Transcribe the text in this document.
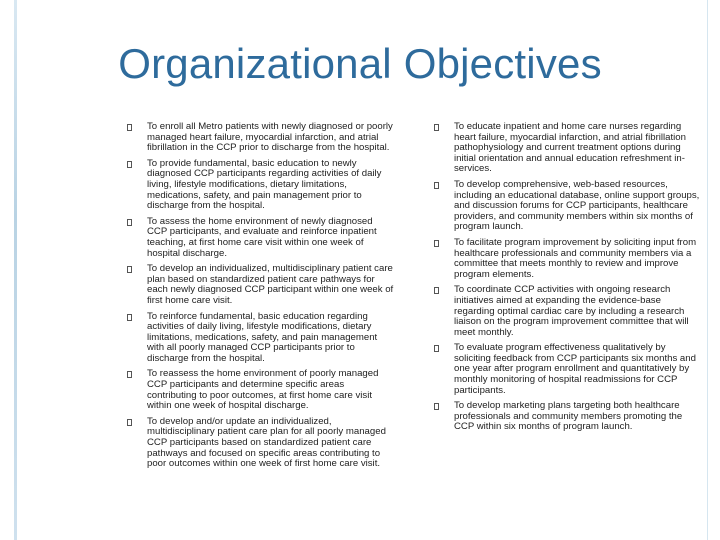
Organizational Objectives
To enroll all Metro patients with newly diagnosed or poorly managed heart failure, myocardial infarction, and atrial fibrillation in the CCP prior to discharge from the hospital.
To provide fundamental, basic education to newly diagnosed CCP participants regarding activities of daily living, lifestyle modifications, dietary limitations, medications, safety, and pain management prior to discharge from the hospital.
To assess the home environment of newly diagnosed CCP participants, and evaluate and reinforce inpatient teaching, at first home care visit within one week of hospital discharge.
To develop an individualized, multidisciplinary patient care plan based on standardized patient care pathways for each newly diagnosed CCP participant within one week of first home care visit.
To reinforce fundamental, basic education regarding activities of daily living, lifestyle modifications, dietary limitations, medications, safety, and pain management with all poorly managed CCP participants prior to discharge from the hospital.
To reassess the home environment of poorly managed CCP participants and determine specific areas contributing to poor outcomes, at first home care visit within one week of hospital discharge.
To develop and/or update an individualized, multidisciplinary patient care plan for all poorly managed CCP participants based on standardized patient care pathways and focused on specific areas contributing to poor outcomes within one week of first home care visit.
To educate inpatient and home care nurses regarding heart failure, myocardial infarction, and atrial fibrillation pathophysiology and current treatment options during initial orientation and annual education refreshment in-services.
To develop comprehensive, web-based resources, including an educational database, online support groups, and discussion forums for CCP participants, healthcare providers, and community members within six months of program launch.
To facilitate program improvement by soliciting input from healthcare professionals and community members via a committee that meets monthly to review and improve program elements.
To coordinate CCP activities with ongoing research initiatives aimed at expanding the evidence-base regarding optimal cardiac care by including a research liaison on the program improvement committee that will meet monthly.
To evaluate program effectiveness qualitatively by soliciting feedback from CCP participants six months and one year after program enrollment and quantitatively by monthly monitoring of hospital readmissions for CCP participants.
To develop marketing plans targeting both healthcare professionals and community members promoting the CCP within six months of program launch.
